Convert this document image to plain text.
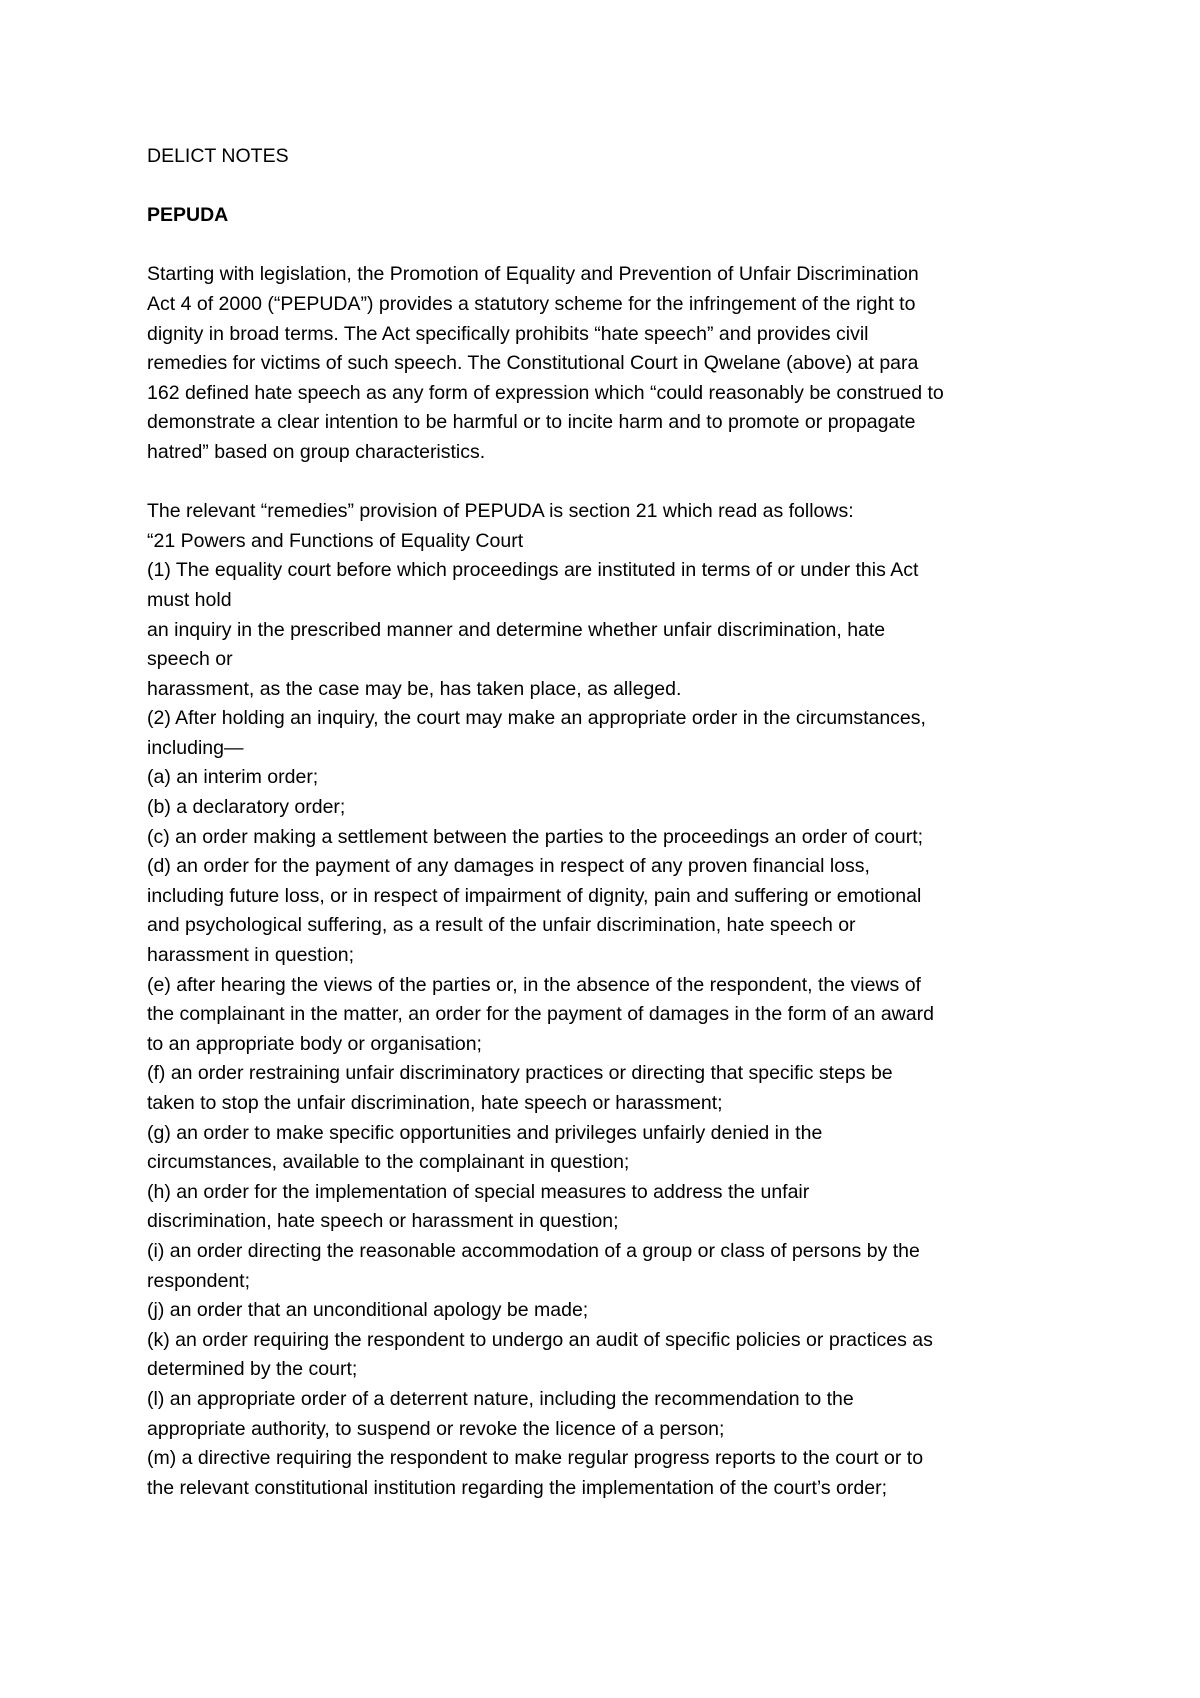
DELICT NOTES

PEPUDA

Starting with legislation, the Promotion of Equality and Prevention of Unfair Discrimination

Act 4 of 2000 (“PEPUDA”) provides a statutory scheme for the infringement of the right to

dignity in broad terms. The Act specifically prohibits “hate speech” and provides civil

remedies for victims of such speech. The Constitutional Court in Qwelane (above) at para

162 defined hate speech as any form of expression which “could reasonably be construed to

demonstrate a clear intention to be harmful or to incite harm and to promote or propagate

hatred” based on group characteristics.

The relevant “remedies” provision of PEPUDA is section 21 which read as follows:

“21 Powers and Functions of Equality Court

(1) The equality court before which proceedings are instituted in terms of or under this Act

must hold

an inquiry in the prescribed manner and determine whether unfair discrimination, hate

speech or

harassment, as the case may be, has taken place, as alleged.

(2) After holding an inquiry, the court may make an appropriate order in the circumstances,

including—

(a) an interim order;

(b) a declaratory order;

(c) an order making a settlement between the parties to the proceedings an order of court;

(d) an order for the payment of any damages in respect of any proven financial loss,

including future loss, or in respect of impairment of dignity, pain and suffering or emotional

and psychological suffering, as a result of the unfair discrimination, hate speech or

harassment in question;

(e) after hearing the views of the parties or, in the absence of the respondent, the views of

the complainant in the matter, an order for the payment of damages in the form of an award

to an appropriate body or organisation;

(f) an order restraining unfair discriminatory practices or directing that specific steps be

taken to stop the unfair discrimination, hate speech or harassment;

(g) an order to make specific opportunities and privileges unfairly denied in the

circumstances, available to the complainant in question;

(h) an order for the implementation of special measures to address the unfair

discrimination, hate speech or harassment in question;

(i) an order directing the reasonable accommodation of a group or class of persons by the

respondent;

(j) an order that an unconditional apology be made;

(k) an order requiring the respondent to undergo an audit of specific policies or practices as

determined by the court;

(l) an appropriate order of a deterrent nature, including the recommendation to the

appropriate authority, to suspend or revoke the licence of a person;

(m) a directive requiring the respondent to make regular progress reports to the court or to

the relevant constitutional institution regarding the implementation of the court’s order;
